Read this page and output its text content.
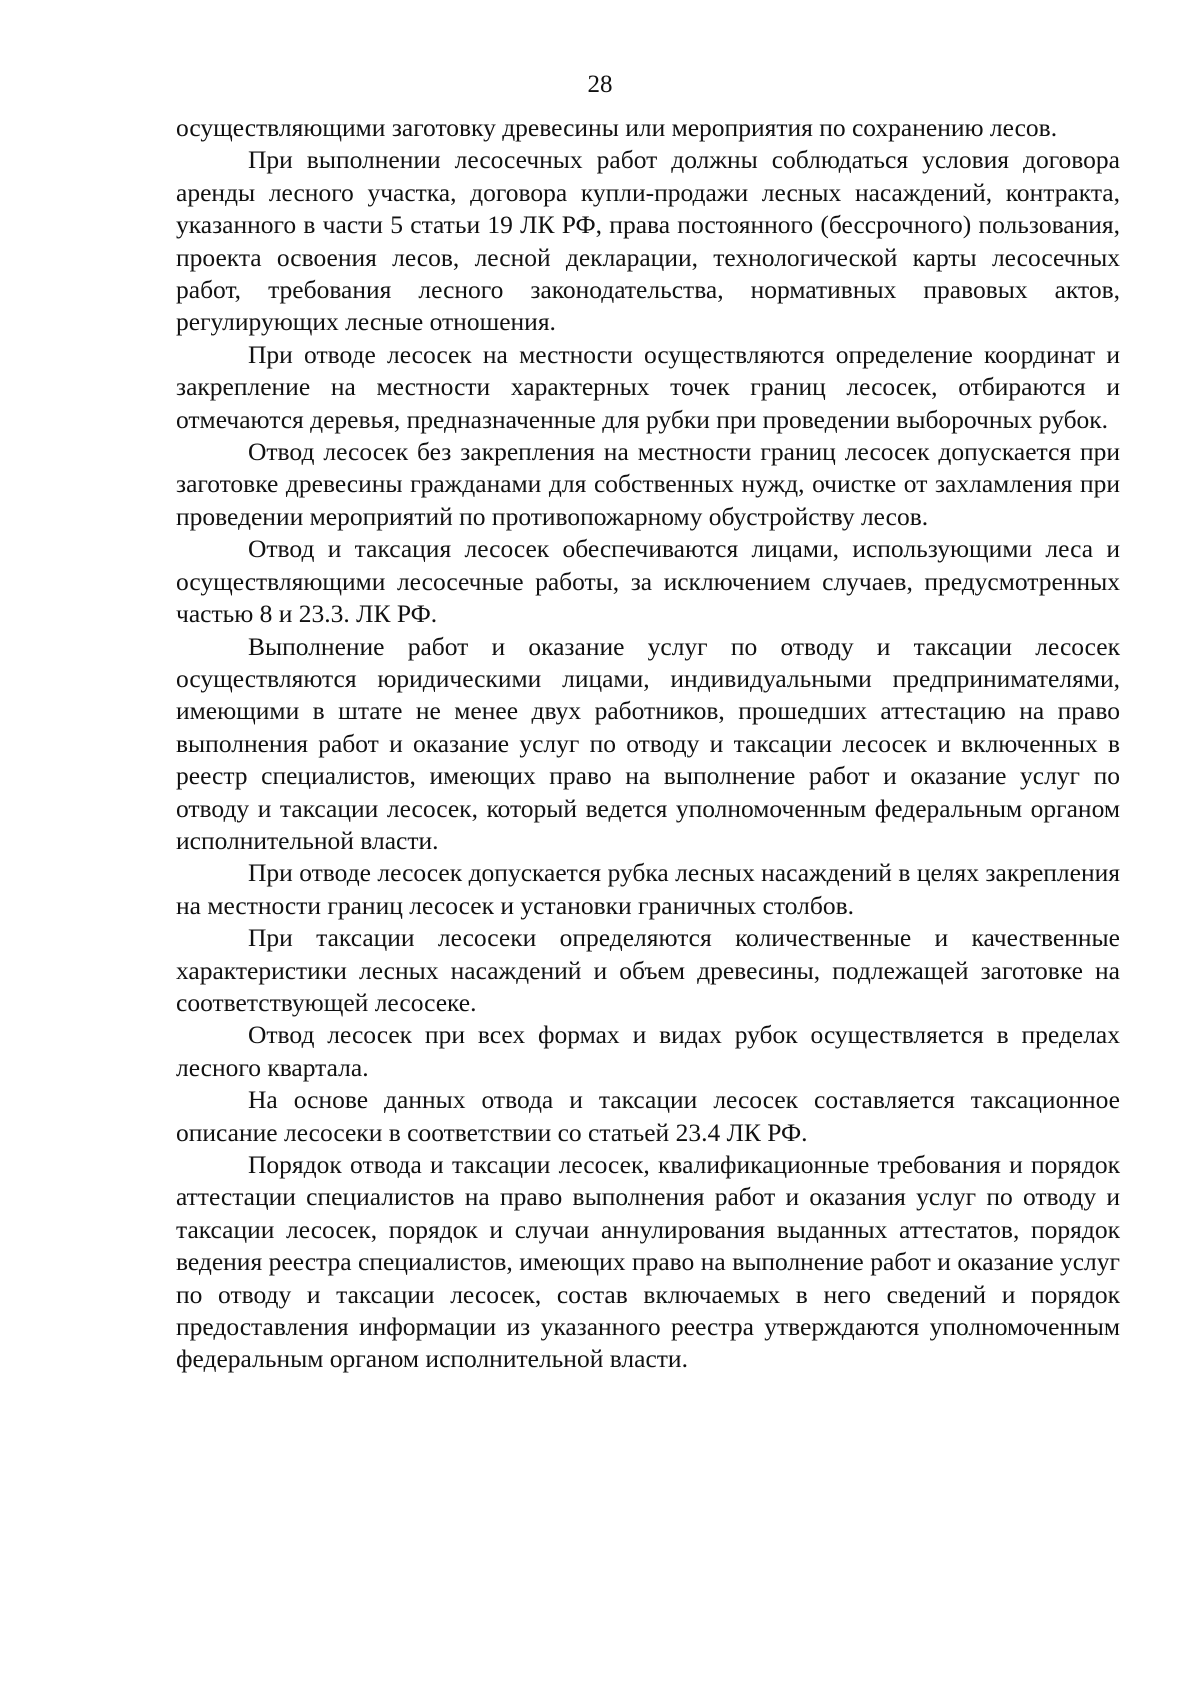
28

осуществляющими заготовку древесины или мероприятия по сохранению лесов.

При выполнении лесосечных работ должны соблюдаться условия договора аренды лесного участка, договора купли-продажи лесных насаждений, контракта, указанного в части 5 статьи 19 ЛК РФ, права постоянного (бессрочного) пользования, проекта освоения лесов, лесной декларации, технологической карты лесосечных работ, требования лесного законодательства, нормативных правовых актов, регулирующих лесные отношения.

При отводе лесосек на местности осуществляются определение координат и закрепление на местности характерных точек границ лесосек, отбираются и отмечаются деревья, предназначенные для рубки при проведении выборочных рубок.

Отвод лесосек без закрепления на местности границ лесосек допускается при заготовке древесины гражданами для собственных нужд, очистке от захламления при проведении мероприятий по противопожарному обустройству лесов.

Отвод и таксация лесосек обеспечиваются лицами, использующими леса и осуществляющими лесосечные работы, за исключением случаев, предусмотренных частью 8 и 23.3. ЛК РФ.

Выполнение работ и оказание услуг по отводу и таксации лесосек осуществляются юридическими лицами, индивидуальными предпринимателями, имеющими в штате не менее двух работников, прошедших аттестацию на право выполнения работ и оказание услуг по отводу и таксации лесосек и включенных в реестр специалистов, имеющих право на выполнение работ и оказание услуг по отводу и таксации лесосек, который ведется уполномоченным федеральным органом исполнительной власти.

При отводе лесосек допускается рубка лесных насаждений в целях закрепления на местности границ лесосек и установки граничных столбов.

При таксации лесосеки определяются количественные и качественные характеристики лесных насаждений и объем древесины, подлежащей заготовке на соответствующей лесосеке.

Отвод лесосек при всех формах и видах рубок осуществляется в пределах лесного квартала.

На основе данных отвода и таксации лесосек составляется таксационное описание лесосеки в соответствии со статьей 23.4 ЛК РФ.

Порядок отвода и таксации лесосек, квалификационные требования и порядок аттестации специалистов на право выполнения работ и оказания услуг по отводу и таксации лесосек, порядок и случаи аннулирования выданных аттестатов, порядок ведения реестра специалистов, имеющих право на выполнение работ и оказание услуг по отводу и таксации лесосек, состав включаемых в него сведений и порядок предоставления информации из указанного реестра утверждаются уполномоченным федеральным органом исполнительной власти.
